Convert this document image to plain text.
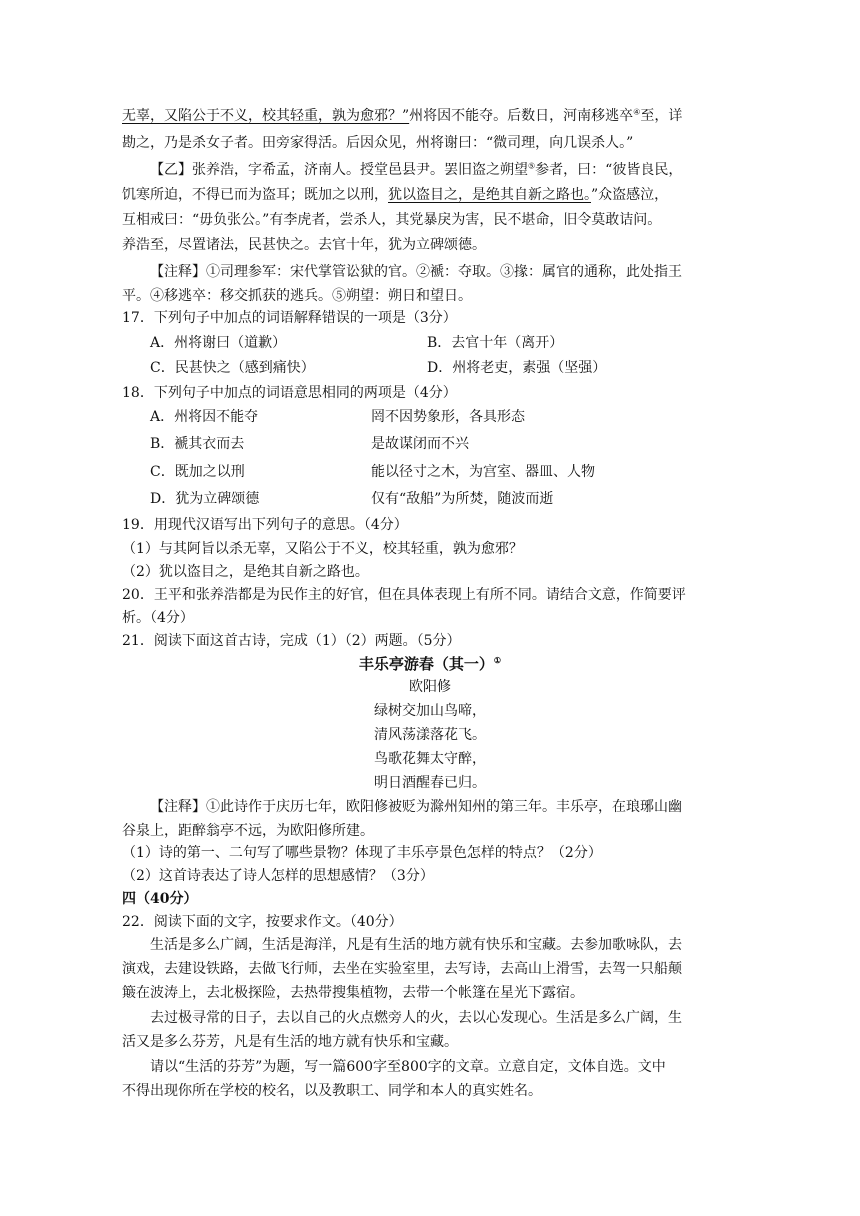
无辜，又陷公于不义，校其轻重，孰为愈邪？”州将因不能夺。后数日，河南移逃卒④至，详
勘之，乃是杀女子者。田旁家得活。后因众见，州将谢曰：“微司理，向几误杀人。”
【乙】张养浩，字希孟，济南人。授堂邑县尹。罢旧盗之朔望⑤参者，曰：“彼皆良民，
饥寒所迫，不得已而为盗耳；既加之以刑，犹以盗目之，是绝其自新之路也。”众盗感泣，
互相戒曰：“毋负张公。”有李虎者，尝杀人，其党暴戾为害，民不堪命，旧令莫敢诘问。
养浩至，尽置诸法，民甚快之。去官十年，犹为立碑颂德。
【注释】①司理参军：宋代掌管讼狱的官。②褫：夺取。③掾：属官的通称，此处指王
平。④移逃卒：移交抓获的逃兵。⑤朔望：朔日和望日。
17．下列句子中加点的词语解释错误的一项是（3分）
A．州将谢曰（道歉）	B．去官十年（离开）
C．民甚快之（感到痛快）	D．州将老吏，素强（坚强）
18．下列句子中加点的词语意思相同的两项是（4分）
A．州将因不能夺	罔不因势象形，各具形态
B．褫其衣而去	是故谋闭而不兴
C．既加之以刑	能以径寸之木，为宫室、器皿、人物
D．犹为立碑颂德	仅有“敌船”为所焚，随波而逝
19．用现代汉语写出下列句子的意思。（4分）
（1）与其阿旨以杀无辜，又陷公于不义，校其轻重，孰为愈邪？
（2）犹以盗目之，是绝其自新之路也。
20．王平和张养浩都是为民作主的好官，但在具体表现上有所不同。请结合文意，作简要评
析。（4分）
21．阅读下面这首古诗，完成（1）（2）两题。（5分）
丰乐亭游春（其一）①
欧阳修
绿树交加山鸟啼，
清风荡漾落花飞。
鸟歌花舞太守醉，
明日酒醒春已归。
【注释】①此诗作于庆历七年，欧阳修被贬为滁州知州的第三年。丰乐亭，在琅琊山幽
谷泉上，距醉翁亭不远，为欧阳修所建。
（1）诗的第一、二句写了哪些景物？体现了丰乐亭景色怎样的特点？（2分）
（2）这首诗表达了诗人怎样的思想感情？（3分）
四（40分）
22．阅读下面的文字，按要求作文。（40分）
生活是多么广阔，生活是海洋，凡是有生活的地方就有快乐和宝藏。去参加歌咏队，去
演戏，去建设铁路，去做飞行师，去坐在实验室里，去写诗，去高山上滑雪，去驾一只船颠
簸在波涛上，去北极探险，去热带搜集植物，去带一个帐篷在星光下露宿。
去过极寻常的日子，去以自己的火点燃旁人的火，去以心发现心。生活是多么广阔，生
活又是多么芬芳，凡是有生活的地方就有快乐和宝藏。
请以“生活的芬芳”为题，写一篇600字至800字的文章。立意自定，文体自选。文中
不得出现你所在学校的校名，以及教职工、同学和本人的真实姓名。
